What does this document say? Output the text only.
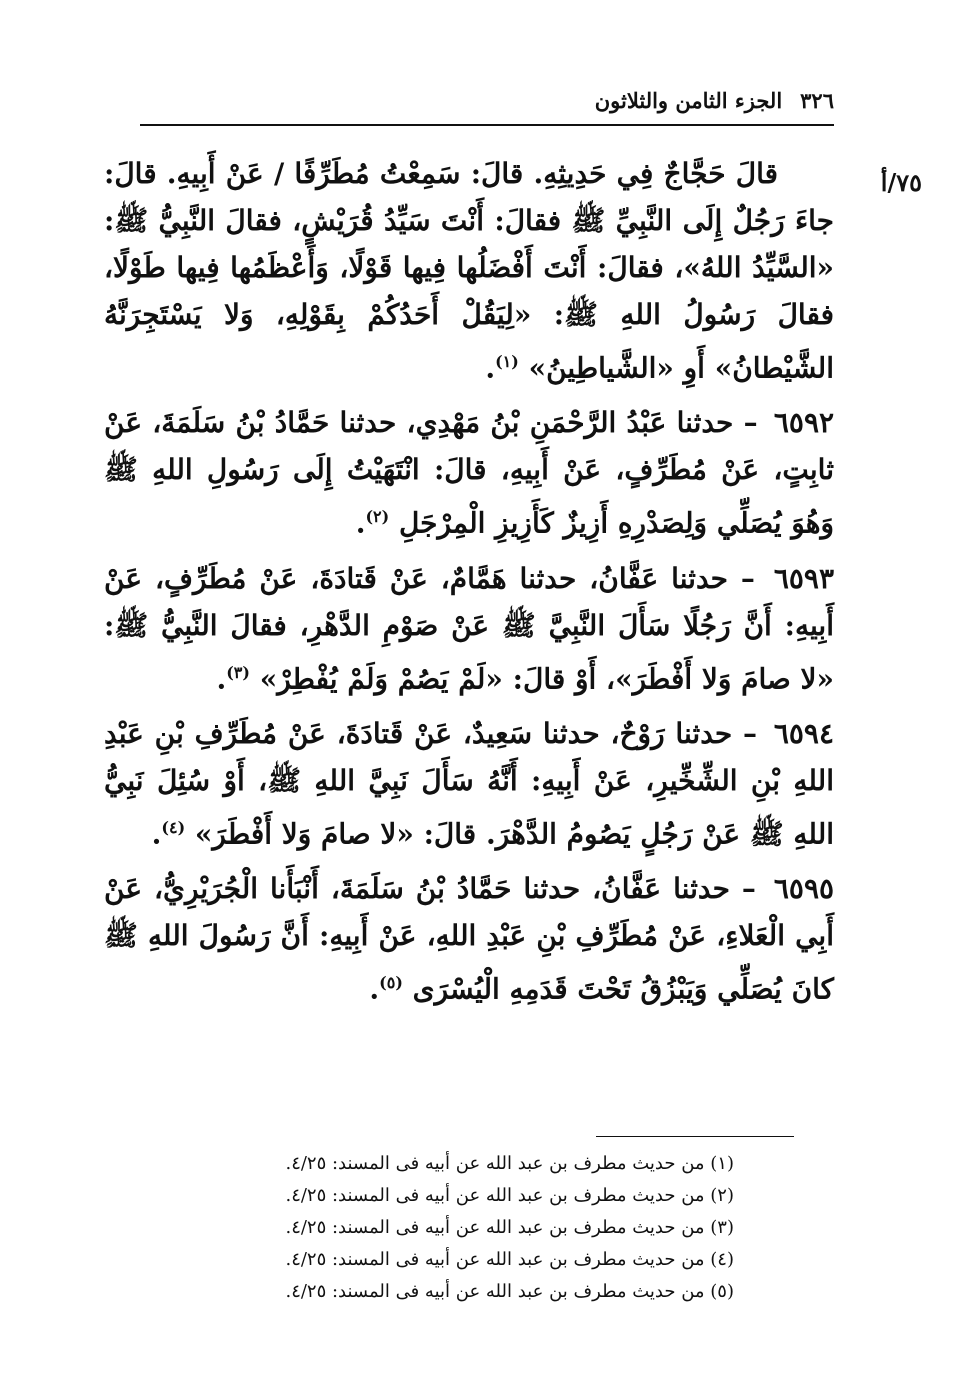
٣٢٦
الجزء الثامن والثلاثون
٧٥/أ

قالَ حَجَّاجٌ فِي حَدِيثِهِ. قالَ: سَمِعْتُ مُطَرِّفًا / عَنْ أَبِيهِ. قالَ: جاءَ رَجُلٌ إِلَى النَّبِيِّ ﷺ فقالَ: أَنْتَ سَيِّدُ قُرَيْشٍ، فقالَ النَّبِيُّ ﷺ: «السَّيِّدُ اللهُ»، فقالَ: أَنْتَ أَفْضَلُها فِيها قَوْلًا، وَأَعْظَمُها فِيها طَوْلًا، فقالَ رَسُولُ اللهِ ﷺ: «لِيَقُلْ أَحَدُكُمْ بِقَوْلِهِ، وَلا يَسْتَجِرَنَّهُ الشَّيْطانُ» أَوِ «الشَّياطِينُ» $^{(١)}$.

٦٥٩٢ – حدثنا عَبْدُ الرَّحْمَنِ بْنُ مَهْدِي، حدثنا حَمَّادُ بْنُ سَلَمَةَ، عَنْ ثابِتٍ، عَنْ مُطَرِّفٍ، عَنْ أَبِيهِ، قالَ: انْتَهَيْتُ إِلَى رَسُولِ اللهِ ﷺ وَهُوَ يُصَلِّي وَلِصَدْرِهِ أَزِيزٌ كَأَزِيزِ الْمِرْجَلِ $^{(٢)}$.

٦٥٩٣ – حدثنا عَفَّانُ، حدثنا هَمَّامٌ، عَنْ قَتادَةَ، عَنْ مُطَرِّفٍ، عَنْ أَبِيهِ: أَنَّ رَجُلًا سَأَلَ النَّبِيَّ ﷺ عَنْ صَوْمِ الدَّهْرِ، فقالَ النَّبِيُّ ﷺ: «لا صامَ وَلا أَفْطَرَ»، أَوْ قالَ: «لَمْ يَصُمْ وَلَمْ يُفْطِرْ» $^{(٣)}$.

٦٥٩٤ – حدثنا رَوْحٌ، حدثنا سَعِيدٌ، عَنْ قَتادَةَ، عَنْ مُطَرِّفِ بْنِ عَبْدِ اللهِ بْنِ الشِّخِّيرِ، عَنْ أَبِيهِ: أَنَّهُ سَأَلَ نَبِيَّ اللهِ ﷺ، أَوْ سُئِلَ نَبِيُّ اللهِ ﷺ عَنْ رَجُلٍ يَصُومُ الدَّهْرَ. قالَ: «لا صامَ وَلا أَفْطَرَ» $^{(٤)}$.

٦٥٩٥ – حدثنا عَفَّانُ، حدثنا حَمَّادُ بْنُ سَلَمَةَ، أَنْبَأَنا الْجُرَيْرِيُّ، عَنْ أَبِي الْعَلاءِ، عَنْ مُطَرِّفِ بْنِ عَبْدِ اللهِ، عَنْ أَبِيهِ: أَنَّ رَسُولَ اللهِ ﷺ كانَ يُصَلِّي وَيَبْزُقُ تَحْتَ قَدَمِهِ الْيُسْرَى $^{(٥)}$.

(١) من حديث مطرف بن عبد الله عن أبيه فى المسند: ٤/٢٥.
(٢) من حديث مطرف بن عبد الله عن أبيه فى المسند: ٤/٢٥.
(٣) من حديث مطرف بن عبد الله عن أبيه فى المسند: ٤/٢٥.
(٤) من حديث مطرف بن عبد الله عن أبيه فى المسند: ٤/٢٥.
(٥) من حديث مطرف بن عبد الله عن أبيه فى المسند: ٤/٢٥.
